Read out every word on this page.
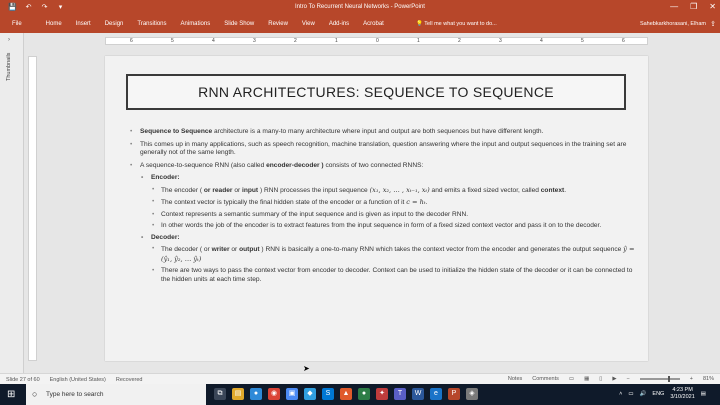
💾 ↶ ↷	▾	Intro To Recurrent Neural Networks - PowerPoint	— ❐ ✕
File	Home	Insert	Design	Transitions	Animations	Slide Show	Review	View	Add-ins	Acrobat	💡 Tell me what you want to do...	Sahebkarkhorasani, Elham ⇪
›
Thumbnails
6	5	4	3	2	1	0	1	2	3	4	5	6
RNN ARCHITECTURES: SEQUENCE TO SEQUENCE
• Sequence to Sequence architecture is a many-to many architecture where input and output are both sequences but have different length.
• This comes up in many applications, such as speech recognition, machine translation, question answering where the input and output sequences in the training set are generally not of the same length.
• A sequence-to-sequence RNN (also called encoder-decoder ) consists of two connected RNNS:
• Encoder:
• The encoder ( or reader or input ) RNN processes the input sequence (x₁, x₂, … , xₜ₋₁, xₜ) and emits a fixed sized vector, called context.
• The context vector is typically the final hidden state of the encoder or a function of it c = hₜ.
• Context represents a semantic summary of the input sequence and is given as input to the decoder RNN.
• In other words the job of the encoder is to extract features from the input sequence in form of a fixed sized context vector and pass it on to the decoder.
• Decoder:
• The decoder ( or writer or output ) RNN is basically a one-to-many RNN which takes the context vector from the encoder and generates the output sequence ŷ = (ŷ₁, ŷ₂, … ŷₜ)
• There are two ways to pass the context vector from encoder to decoder. Context can be used to initialize the hidden state of the decoder or it can be connected to the hidden units at each time step.
Slide 27 of 60 English (United States) Recovered	Notes Comments ▭ ▦ ▯ ▶ −	+ 81%
⊞ ○ Type here to search	⧉	▤	●	◉	▣	◆	S	▲	●	✦	T	W	e	P	◈	˄ ▭ 🔊 ENG
4:23 PM
3/10/2021 ▤
➤
